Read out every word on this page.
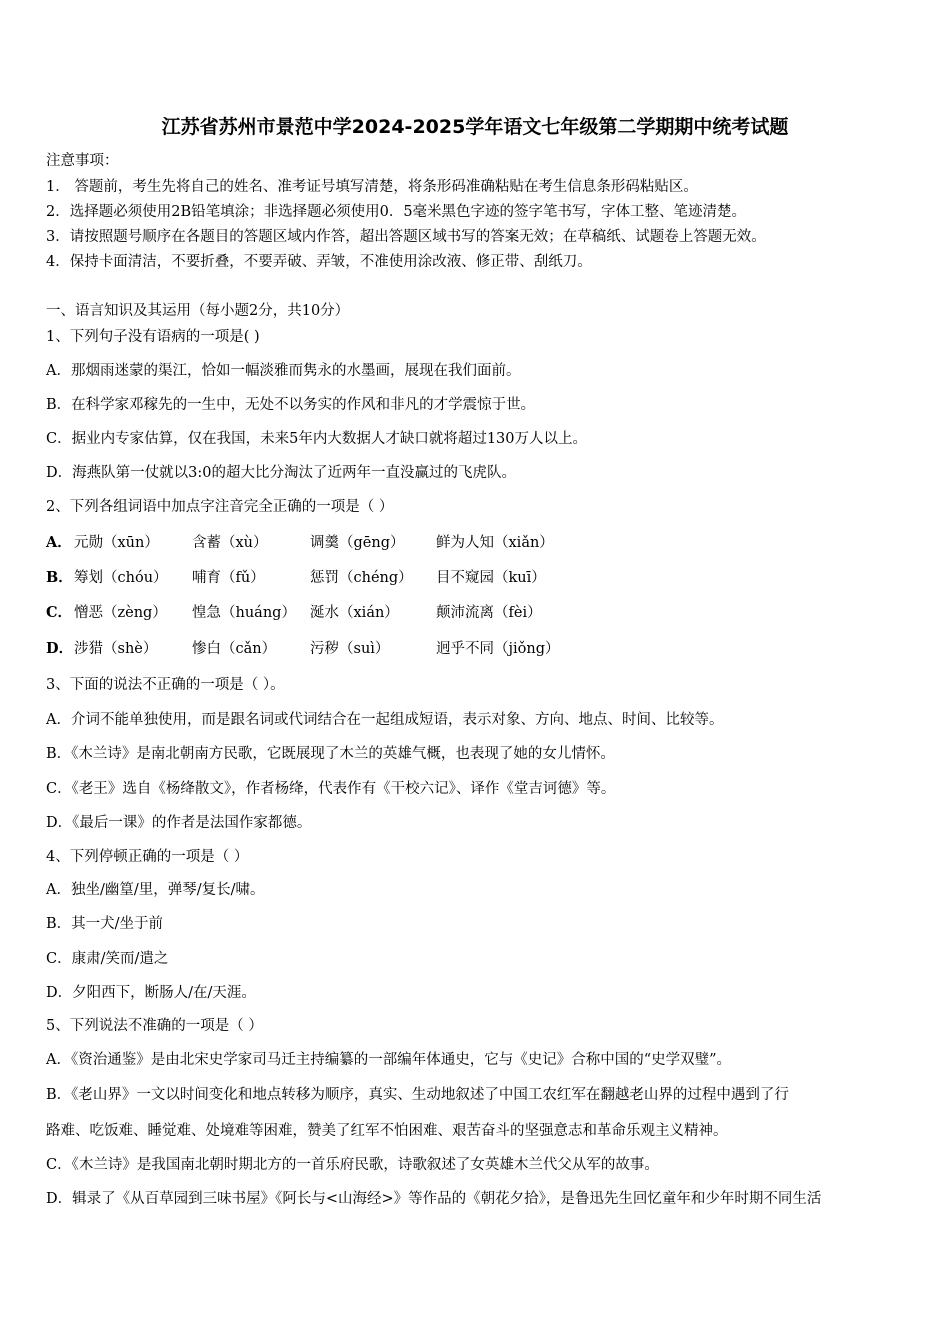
江苏省苏州市景范中学2024-2025学年语文七年级第二学期期中统考试题
注意事项：
1． 答题前，考生先将自己的姓名、准考证号填写清楚，将条形码准确粘贴在考生信息条形码粘贴区。
2．选择题必须使用2B铅笔填涂；非选择题必须使用0．5毫米黑色字迹的签字笔书写，字体工整、笔迹清楚。
3．请按照题号顺序在各题目的答题区域内作答，超出答题区域书写的答案无效；在草稿纸、试题卷上答题无效。
4．保持卡面清洁，不要折叠，不要弄破、弄皱，不准使用涂改液、修正带、刮纸刀。
一、语言知识及其运用（每小题2分，共10分）
1、下列句子没有语病的一项是( )
A．那烟雨迷蒙的渠江，恰如一幅淡雅而隽永的水墨画，展现在我们面前。
B．在科学家邓稼先的一生中，无处不以务实的作风和非凡的才学震惊于世。
C．据业内专家估算，仅在我国，未来5年内大数据人才缺口就将超过130万人以上。
D．海燕队第一仗就以3:0的超大比分淘汰了近两年一直没赢过的飞虎队。
2、下列各组词语中加点字注音完全正确的一项是（ ）
A． 元勋（xūn） 含蓄（xù）	调羹（gēng） 鲜为人知（xiǎn）
B．筹划（chóu） 哺育（fǔ）	惩罚（chéng） 目不窥园（kuī）
C． 憎恶（zèng） 惶急（huáng） 涎水（xián）	颠沛流离（fèi）
D．涉猎（shè） 惨白（cǎn） 污秽（suì）	迥乎不同（jiǒng）
3、下面的说法不正确的一项是（ ）。
A．介词不能单独使用，而是跟名词或代词结合在一起组成短语，表示对象、方向、地点、时间、比较等。
B．《木兰诗》是南北朝南方民歌，它既展现了木兰的英雄气概，也表现了她的女儿情怀。
C．《老王》选自《杨绛散文》，作者杨绛，代表作有《干校六记》、译作《堂吉诃德》等。
D．《最后一课》的作者是法国作家都德。
4、下列停顿正确的一项是（ ）
A．独坐/幽篁/里，弹琴/复长/啸。
B．其一犬/坐于前
C．康肃/笑而/遣之
D．夕阳西下，断肠人/在/天涯。
5、下列说法不准确的一项是（ ）
A．《资治通鉴》是由北宋史学家司马迁主持编纂的一部编年体通史，它与《史记》合称中国的“史学双璧”。
B．《老山界》一文以时间变化和地点转移为顺序，真实、生动地叙述了中国工农红军在翻越老山界的过程中遇到了行
路难、吃饭难、睡觉难、处境难等困难，赞美了红军不怕困难、艰苦奋斗的坚强意志和革命乐观主义精神。
C．《木兰诗》是我国南北朝时期北方的一首乐府民歌，诗歌叙述了女英雄木兰代父从军的故事。
D．辑录了《从百草园到三味书屋》《阿长与<山海经>》等作品的《朝花夕拾》，是鲁迅先生回忆童年和少年时期不同生活
